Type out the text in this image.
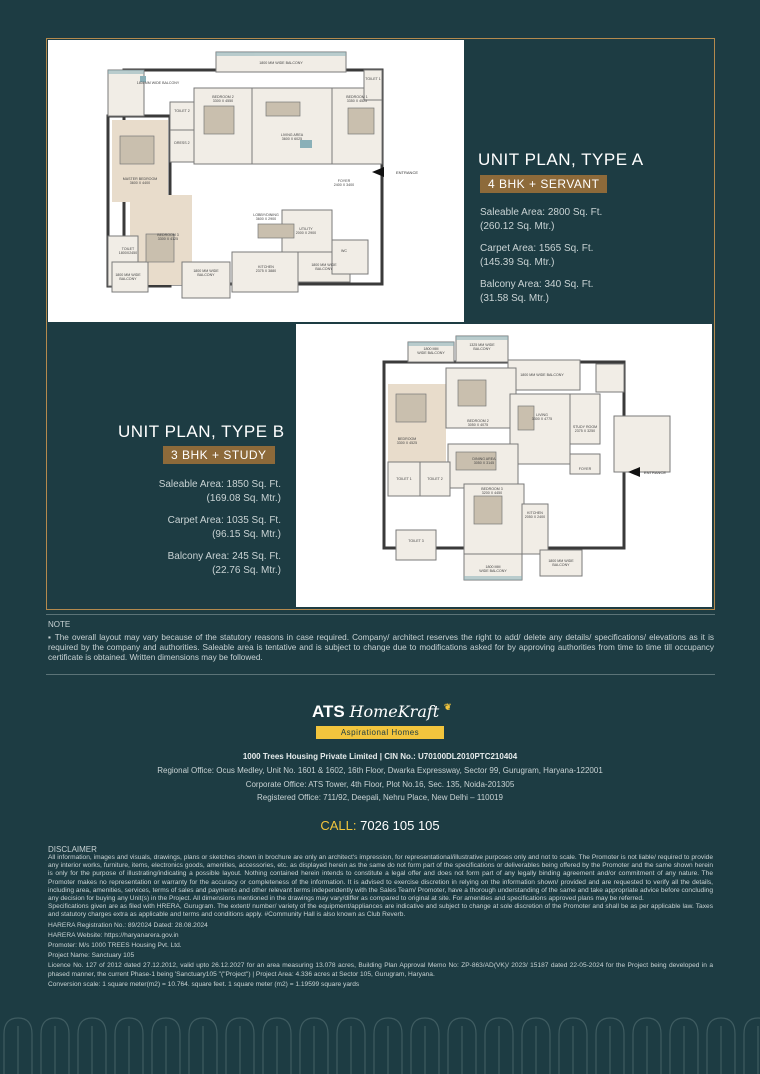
1800MM WIDE BALCONY
1800 MM WIDE BALCONY
BEDROOM 2
3300 X 4550
LIVING AREA
3600 X 6025
BEDROOM 1
3350 X 4525
TOILET 2
DRESS 2
MASTER BEDROOM
3600 X 4400	FOYER
2400 X 3400
BEDROOM 3
3300 X 4125
LOBBY/DINING
3600 X 2900
UTILITY
2000 X 2900
TOILET
1800X2450
1800 MM WIDE
BALCONY
WC
KITCHEN
2375 X 3880
1800 MM WIDE
BALCONY
1800 MM WIDE
BALCONY
TOILET 1
ENTRANCE
UNIT PLAN, TYPE A
4 BHK + SERVANT
Saleable Area: 2800 Sq. Ft.
(260.12 Sq. Mtr.)
Carpet Area: 1565 Sq. Ft.
(145.39 Sq. Mtr.)
Balcony Area: 340 Sq. Ft.
(31.58 Sq. Mtr.)
UNIT PLAN, TYPE B
3 BHK + STUDY
Saleable Area: 1850 Sq. Ft.
(169.08 Sq. Mtr.)
Carpet Area: 1035 Sq. Ft.
(96.15 Sq. Mtr.)
Balcony Area: 245 Sq. Ft.
(22.76 Sq. Mtr.)
1800 MM
WIDE BALCONY
1325 MM WIDE
BALCONY
1800 MM WIDE BALCONY
BEDROOM
3300 X 4525
BEDROOM 2
3050 X 4075
LIVING
3300 X 4775
STUDY ROOM
2375 X 3250
DINING AREA
3050 X 3145
FOYER
TOILET 1	TOILET 2
BEDROOM 3
3200 X 4450
KITCHEN
2050 X 2400
TOILET 3
1800 MM
WIDE BALCONY
1800 MM WIDE
BALCONY
ENTRANCE
NOTE
▪ The overall layout may vary because of the statutory reasons in case required. Company/ architect reserves the right to add/ delete any details/ specifications/ elevations as it is required by the company and authorities. Saleable area is tentative and is subject to change due to modifications asked for by approving authorities from time to time till occupancy certificate is obtained. Written dimensions may be followed.
ATS HomeKraft ❦
Aspirational Homes
1000 Trees Housing Private Limited | CIN No.: U70100DL2010PTC210404
Regional Office: Ocus Medley, Unit No. 1601 & 1602, 16th Floor, Dwarka Expressway, Sector 99, Gurugram, Haryana-122001
Corporate Office: ATS Tower, 4th Floor, Plot No.16, Sec. 135, Noida-201305
Registered Office: 711/92, Deepali, Nehru Place, New Delhi – 110019
CALL: 7026 105 105
DISCLAIMER
All information, images and visuals, drawings, plans or sketches shown in brochure are only an architect's impression, for representational/illustrative purposes only and not to scale. The Promoter is not liable/ required to provide any interior works, furniture, items, electronics goods, amenities, accessories, etc. as displayed herein as the same do not form part of the specifications or deliverables being offered by the Promoter and the same shown herein is only for the purpose of illustrating/indicating a possible layout. Nothing contained herein intends to constitute a legal offer and does not form part of any legally binding agreement and/or commitment of any nature. The Promoter makes no representation or warranty for the accuracy or completeness of the information. It is advised to exercise discretion in relying on the information shown/ provided and are requested to verify all the details, including area, amenities, services, terms of sales and payments and other relevant terms independently with the Sales Team/ Promoter, have a thorough understanding of the same and take appropriate advice before concluding any decision for buying any Unit(s) in the Project. All dimensions mentioned in the drawings may vary/differ as compared to original at site. For amenities and specifications approved plans may be referred.
Specifications given are as filed with HRERA, Gurugram. The extent/ number/ variety of the equipment/appliances are indicative and subject to change at sole discretion of the Promoter and shall be as per applicable law. Taxes and statutory charges extra as applicable and terms and conditions apply. #Community Hall is also known as Club Reverb.
HARERA Registration No.: 89/2024 Dated: 28.08.2024
HARERA Website: https://haryanarera.gov.in
Promoter: M/s 1000 TREES Housing Pvt. Ltd.
Project Name: Sanctuary 105
Licence No. 127 of 2012 dated 27.12.2012, valid upto 26.12.2027 for an area measuring 13.078 acres, Building Plan Approval Memo No: ZP-863/AD(VK)/ 2023/ 15187 dated 22-05-2024 for the Project being developed in a phased manner, the current Phase-1 being 'Sanctuary105 "("Project") | Project Area: 4.336 acres at Sector 105, Gurugram, Haryana.
Conversion scale: 1 square meter(m2) = 10.764. square feet. 1 square meter (m2) = 1.19599 square yards
